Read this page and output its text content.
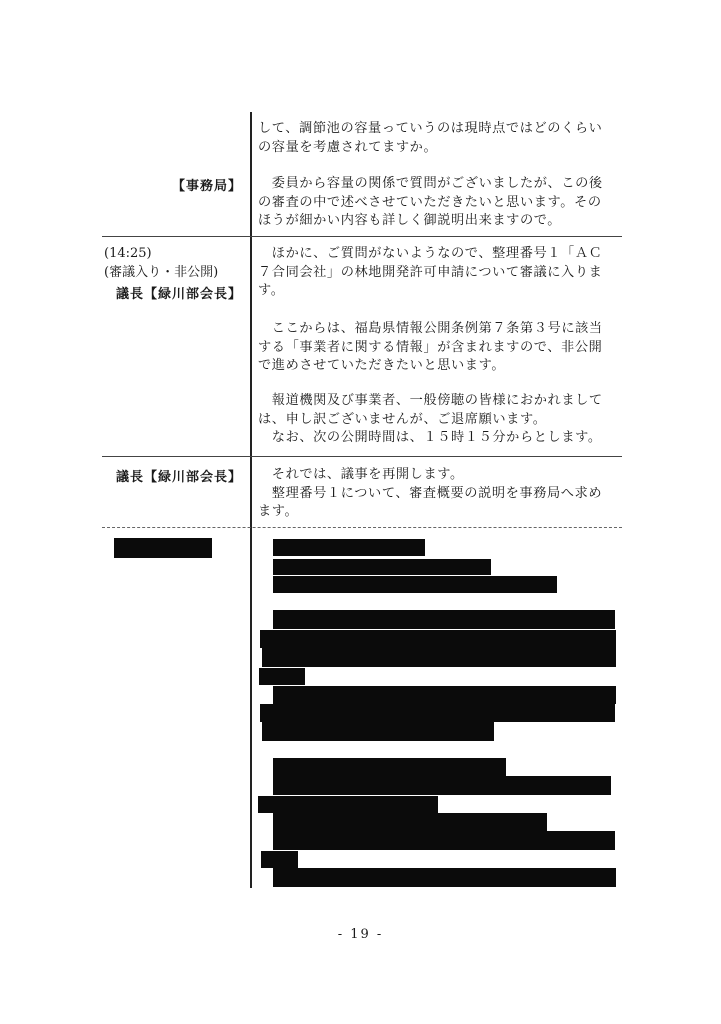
して、調節池の容量っていうのは現時点ではどのくらい
の容量を考慮されてますか。

【事務局】	　委員から容量の関係で質問がございましたが、この後
の審査の中で述べさせていただきたいと思います。その
ほうが細かい内容も詳しく御説明出来ますので。

(14:25)
(審議入り・非公開)
議長【緑川部会長】

　ほかに、ご質問がないようなので、整理番号１「ＡＣ
７合同会社」の林地開発許可申請について審議に入りま
す。

　ここからは、福島県情報公開条例第７条第３号に該当
する「事業者に関する情報」が含まれますので、非公開
で進めさせていただきたいと思います。

　報道機関及び事業者、一般傍聴の皆様におかれまして
は、申し訳ございませんが、ご退席願います。
　なお、次の公開時間は、１５時１５分からとします。

議長【緑川部会長】	　それでは、議事を再開します。
　整理番号１について、審査概要の説明を事務局へ求め
ます。

- 19 -
